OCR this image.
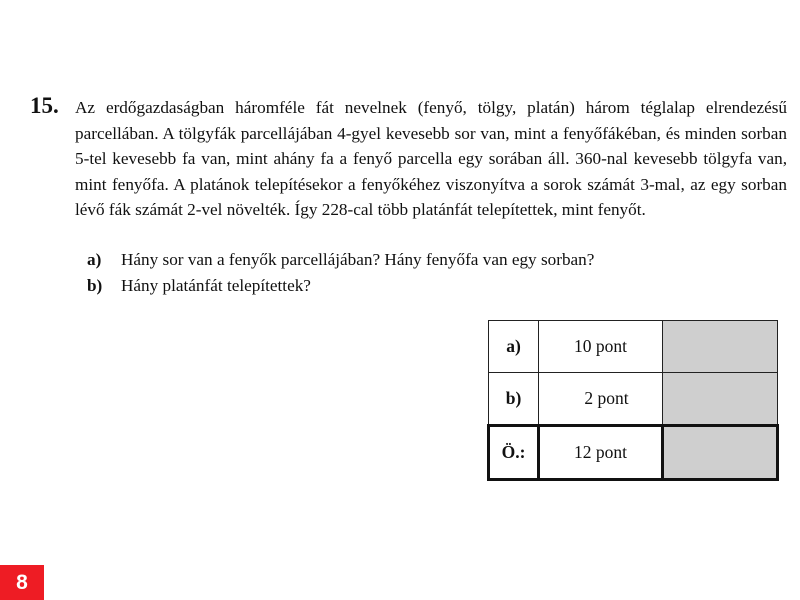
15. Az erdőgazdaságban háromféle fát nevelnek (fenyő, tölgy, platán) három téglalap elrendezésű parcellában. A tölgyfák parcellájában 4-gyel kevesebb sor van, mint a fenyőfákéban, és minden sorban 5-tel kevesebb fa van, mint ahány fa a fenyő parcella egy sorában áll. 360-nal kevesebb tölgyfa van, mint fenyőfa. A platánok telepítésekor a fenyőkéhez viszonyítva a sorok számát 3-mal, az egy sorban lévő fák számát 2-vel növelték. Így 228-cal több platánfát telepítettek, mint fenyőt.
a) Hány sor van a fenyők parcellájában? Hány fenyőfa van egy sorban?
b) Hány platánfát telepítettek?
a)	10 pont	
b)	2 pont	
Ö.:	12 pont	
8
